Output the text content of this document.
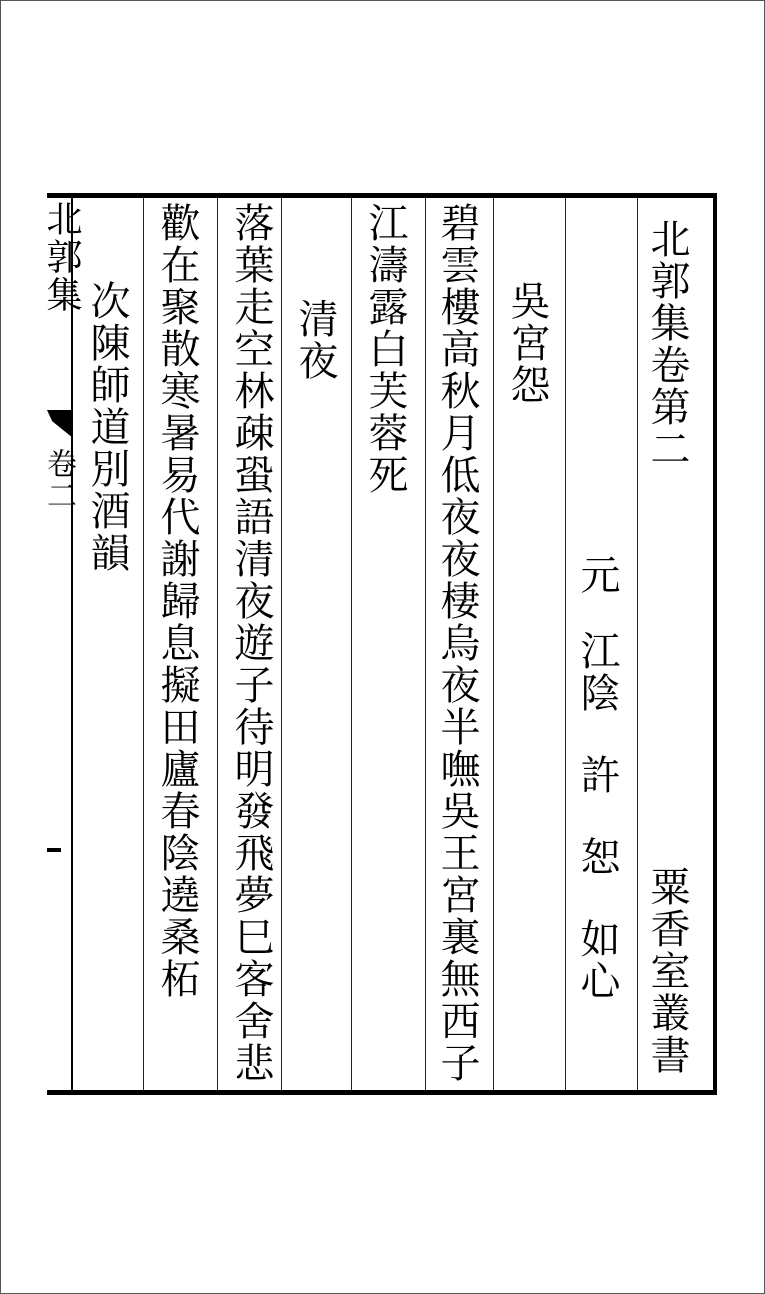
北郭集
卷二
粟香室叢書
北郭集卷第二
元江陰許恕如心
吳宮怨
碧雲樓高秋月低夜夜棲烏夜半嘸吳王宮裏無西子
江濤露白芙蓉死
清夜
落葉走空林疎蛩語清夜遊子待明發飛夢巳客舍悲
歡在聚散寒暑易代謝歸息擬田廬春陰遶桑柘
次陳師道別酒韻
